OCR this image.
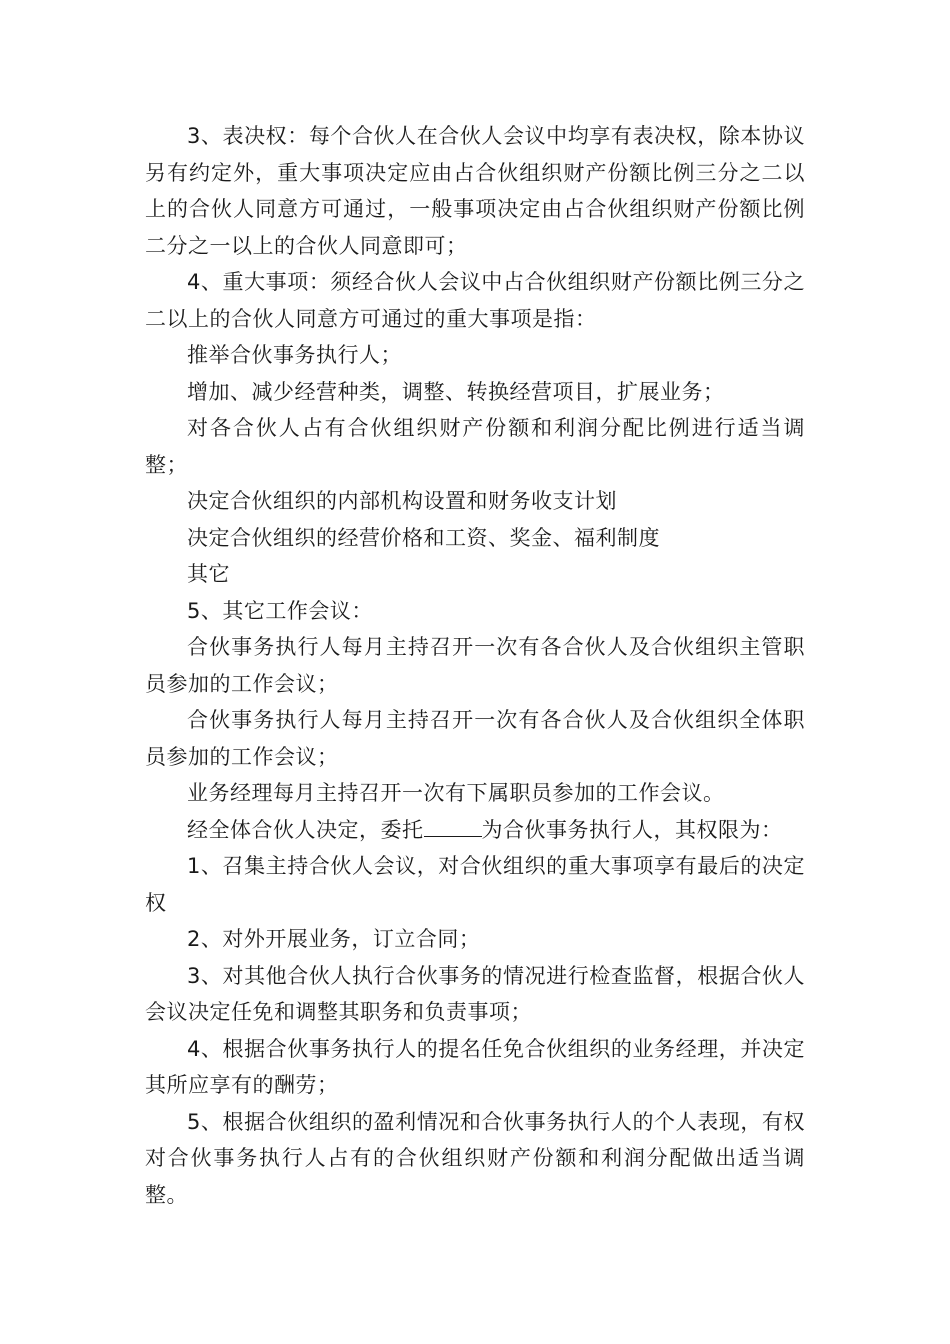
3、表决权：每个合伙人在合伙人会议中均享有表决权，除本协议另有约定外，重大事项决定应由占合伙组织财产份额比例三分之二以上的合伙人同意方可通过，一般事项决定由占合伙组织财产份额比例二分之一以上的合伙人同意即可；

4、重大事项：须经合伙人会议中占合伙组织财产份额比例三分之二以上的合伙人同意方可通过的重大事项是指：

推举合伙事务执行人；

增加、减少经营种类，调整、转换经营项目，扩展业务；

对各合伙人占有合伙组织财产份额和利润分配比例进行适当调整；

决定合伙组织的内部机构设置和财务收支计划

决定合伙组织的经营价格和工资、奖金、福利制度

其它

5、其它工作会议：

合伙事务执行人每月主持召开一次有各合伙人及合伙组织主管职员参加的工作会议；

合伙事务执行人每月主持召开一次有各合伙人及合伙组织全体职员参加的工作会议；

业务经理每月主持召开一次有下属职员参加的工作会议。

经全体合伙人决定，委托	为合伙事务执行人，其权限为：

1、召集主持合伙人会议，对合伙组织的重大事项享有最后的决定权

2、对外开展业务，订立合同；

3、对其他合伙人执行合伙事务的情况进行检查监督，根据合伙人会议决定任免和调整其职务和负责事项；

4、根据合伙事务执行人的提名任免合伙组织的业务经理，并决定其所应享有的酬劳；

5、根据合伙组织的盈利情况和合伙事务执行人的个人表现，有权对合伙事务执行人占有的合伙组织财产份额和利润分配做出适当调整。
